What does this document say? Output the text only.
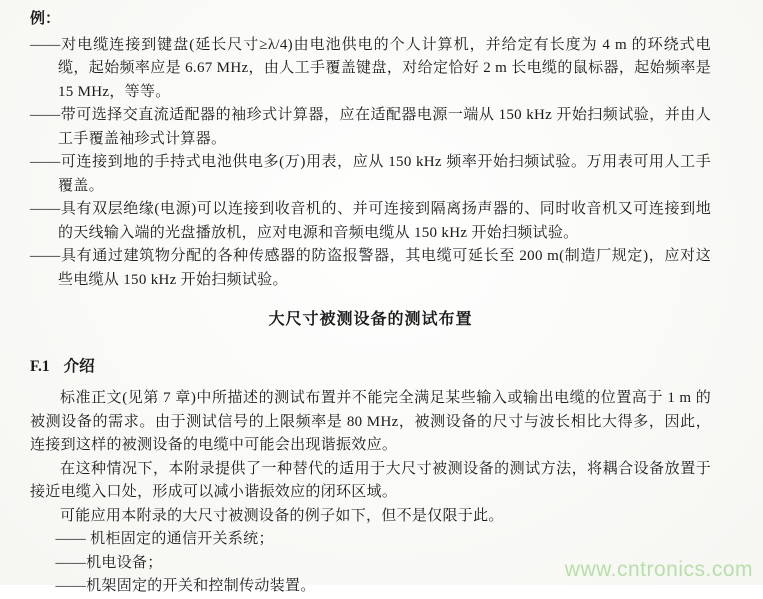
例：

——对电缆连接到键盘(延长尺寸≥λ/4)由电池供电的个人计算机，并给定有长度为 4 m 的环绕式电缆，起始频率应是 6.67 MHz，由人工手覆盖键盘，对给定恰好 2 m 长电缆的鼠标器，起始频率是 15 MHz，等等。

——带可选择交直流适配器的袖珍式计算器，应在适配器电源一端从 150 kHz 开始扫频试验，并由人工手覆盖袖珍式计算器。

——可连接到地的手持式电池供电多(万)用表，应从 150 kHz 频率开始扫频试验。万用表可用人工手覆盖。

——具有双层绝缘(电源)可以连接到收音机的、并可连接到隔离扬声器的、同时收音机又可连接到地的天线输入端的光盘播放机，应对电源和音频电缆从 150 kHz 开始扫频试验。

——具有通过建筑物分配的各种传感器的防盗报警器，其电缆可延长至 200 m(制造厂规定)，应对这些电缆从 150 kHz 开始扫频试验。

大尺寸被测设备的测试布置
F.1 介绍

标准正文(见第 7 章)中所描述的测试布置并不能完全满足某些输入或输出电缆的位置高于 1 m 的被测设备的需求。由于测试信号的上限频率是 80 MHz，被测设备的尺寸与波长相比大得多，因此，连接到这样的被测设备的电缆中可能会出现谐振效应。

在这种情况下，本附录提供了一种替代的适用于大尺寸被测设备的测试方法，将耦合设备放置于接近电缆入口处，形成可以减小谐振效应的闭环区域。

可能应用本附录的大尺寸被测设备的例子如下，但不是仅限于此。

—— 机柜固定的通信开关系统；
——机电设备；
——机架固定的开关和控制传动装置。
www.cntronics.com
